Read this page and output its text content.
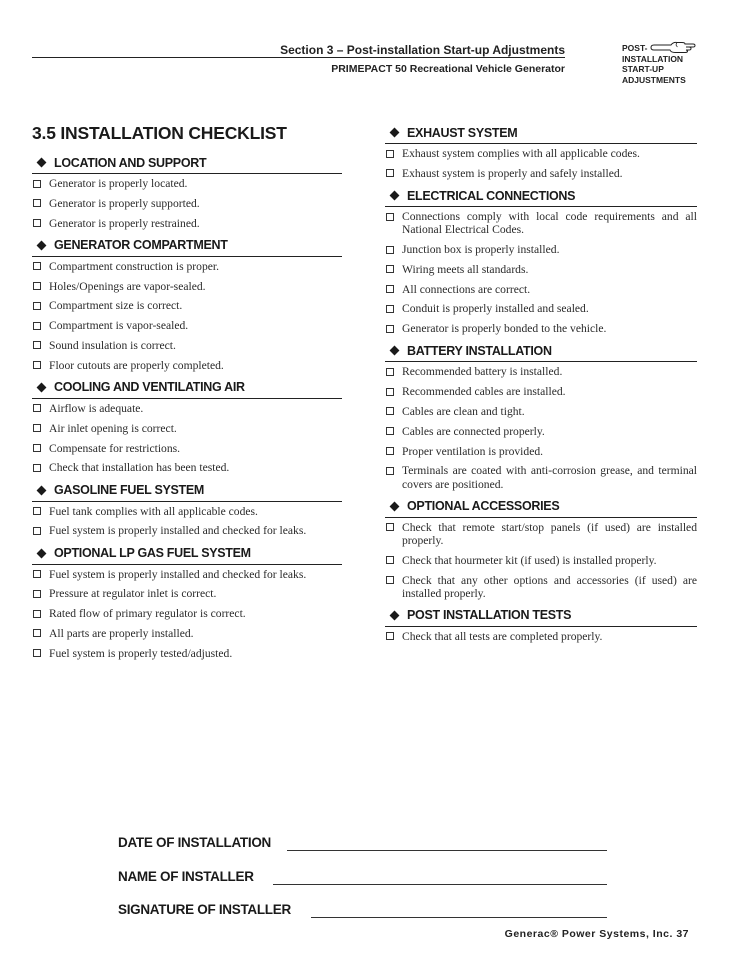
Section 3 – Post-installation Start-up Adjustments
PRIMEPACT 50 Recreational Vehicle Generator
POST-
INSTALLATION
START-UP
ADJUSTMENTS
3.5 INSTALLATION CHECKLIST
LOCATION AND SUPPORT
Generator is properly located.
Generator is properly supported.
Generator is properly restrained.
GENERATOR COMPARTMENT
Compartment construction is proper.
Holes/Openings are vapor-sealed.
Compartment size is correct.
Compartment is vapor-sealed.
Sound insulation is correct.
Floor cutouts are properly completed.
COOLING AND VENTILATING AIR
Airflow is adequate.
Air inlet opening is correct.
Compensate for restrictions.
Check that installation has been tested.
GASOLINE FUEL SYSTEM
Fuel tank complies with all applicable codes.
Fuel system is properly installed and checked for leaks.
OPTIONAL LP GAS FUEL SYSTEM
Fuel system is properly installed and checked for leaks.
Pressure at regulator inlet is correct.
Rated flow of primary regulator is correct.
All parts are properly installed.
Fuel system is properly tested/adjusted.
EXHAUST SYSTEM
Exhaust system complies with all applicable codes.
Exhaust system is properly and safely installed.
ELECTRICAL CONNECTIONS
Connections comply with local code requirements and all National Electrical Codes.
Junction box is properly installed.
Wiring meets all standards.
All connections are correct.
Conduit is properly installed and sealed.
Generator is properly bonded to the vehicle.
BATTERY INSTALLATION
Recommended battery is installed.
Recommended cables are installed.
Cables are clean and tight.
Cables are connected properly.
Proper ventilation is provided.
Terminals are coated with anti-corrosion grease, and terminal covers are positioned.
OPTIONAL ACCESSORIES
Check that remote start/stop panels (if used) are installed properly.
Check that hourmeter kit (if used) is installed properly.
Check that any other options and accessories (if used) are installed properly.
POST INSTALLATION TESTS
Check that all tests are completed properly.
DATE OF INSTALLATION
NAME OF INSTALLER
SIGNATURE OF INSTALLER
Generac® Power Systems, Inc. 37
